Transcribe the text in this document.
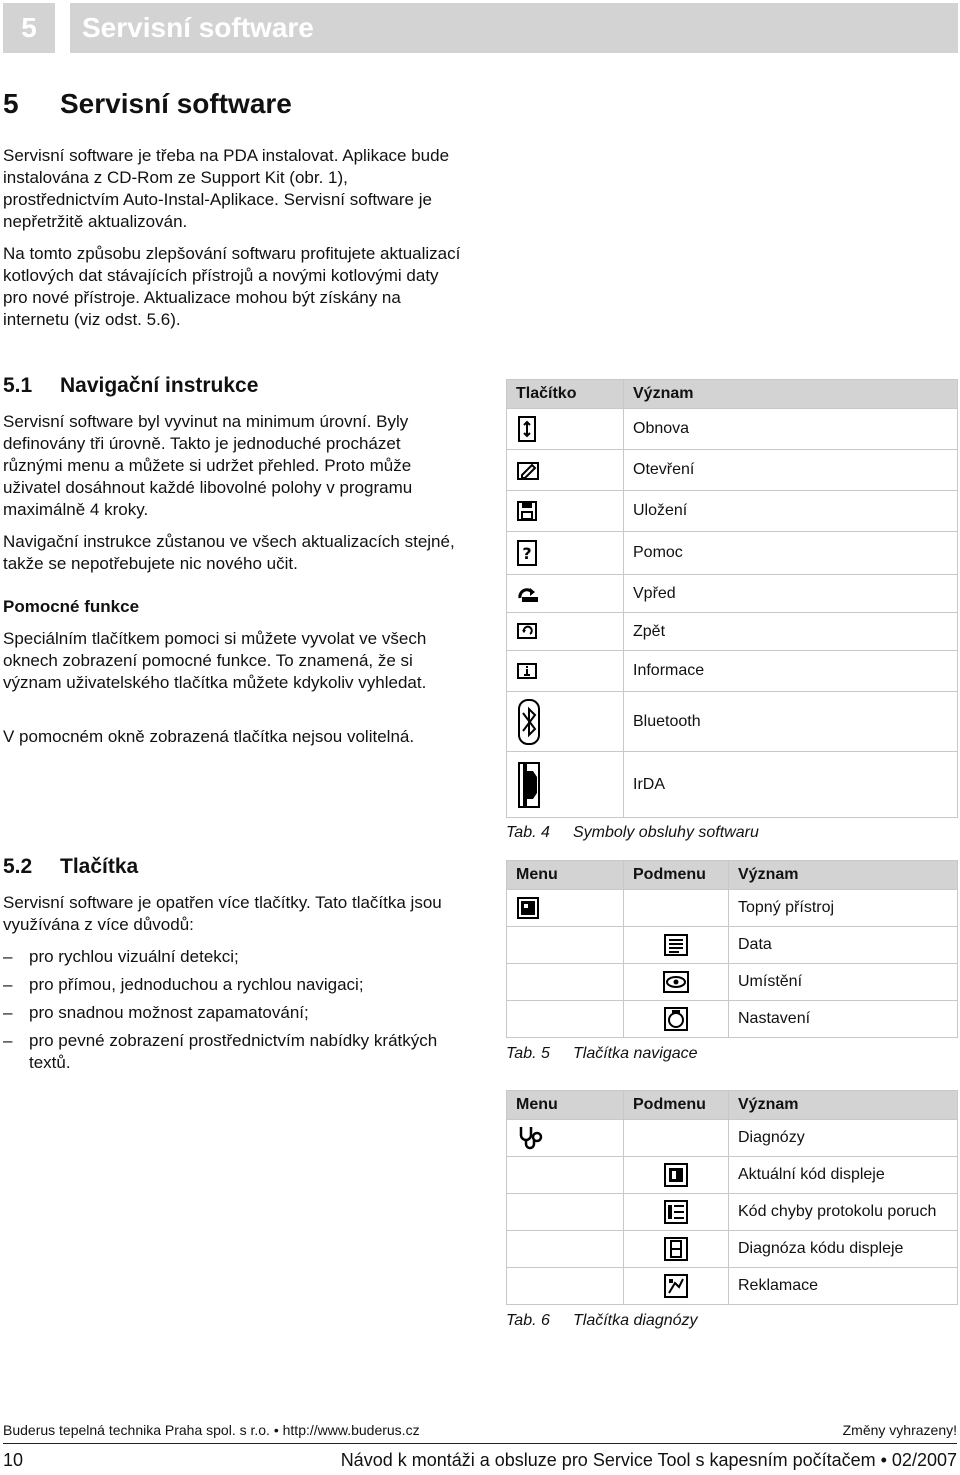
5	Servisní software
5 Servisní software

Servisní software je třeba na PDA instalovat. Aplikace bude instalována z CD-Rom ze Support Kit (obr. 1), prostřednictvím Auto-Instal-Aplikace. Servisní software je nepřetržitě aktualizován.

Na tomto způsobu zlepšování softwaru profitujete aktualizací kotlových dat stávajících přístrojů a novými kotlovými daty pro nové přístroje. Aktualizace mohou být získány na internetu (viz odst. 5.6).

5.1 Navigační instrukce

Servisní software byl vyvinut na minimum úrovní. Byly definovány tři úrovně. Takto je jednoduché procházet různými menu a můžete si udržet přehled. Proto může uživatel dosáhnout každé libovolné polohy v programu maximálně 4 kroky.

Navigační instrukce zůstanou ve všech aktualizacích stejné, takže se nepotřebujete nic nového učit.

Pomocné funkce

Speciálním tlačítkem pomoci si můžete vyvolat ve všech oknech zobrazení pomocné funkce. To znamená, že si význam uživatelského tlačítka můžete kdykoliv vyhledat.

V pomocném okně zobrazená tlačítka nejsou volitelná.

5.2 Tlačítka

Servisní software je opatřen více tlačítky. Tato tlačítka jsou využívána z více důvodů:

– pro rychlou vizuální detekci;
– pro přímou, jednoduchou a rychlou navigaci;
– pro snadnou možnost zapamatování;
– pro pevné zobrazení prostřednictvím nabídky krátkých textů.
Tlačítko	Význam
	Obnova
	Otevření
	Uložení

?	Pomoc
	Vpřed
	Zpět
	Informace
	Bluetooth
	IrDA
Tab. 4 Symboly obsluhy softwaru
Menu	Podmenu	Význam
		Topný přístroj
		Data
		Umístění
		Nastavení
Tab. 5 Tlačítka navigace
Menu	Podmenu	Význam
		Diagnózy
		Aktuální kód displeje
		Kód chyby protokolu poruch
		Diagnóza kódu displeje
		Reklamace
Tab. 6 Tlačítka diagnózy
Buderus tepelná technika Praha spol. s r.o. • http://www.buderus.cz	Změny vyhrazeny!
10	Návod k montáži a obsluze pro Service Tool s kapesním počítačem • 02/2007
